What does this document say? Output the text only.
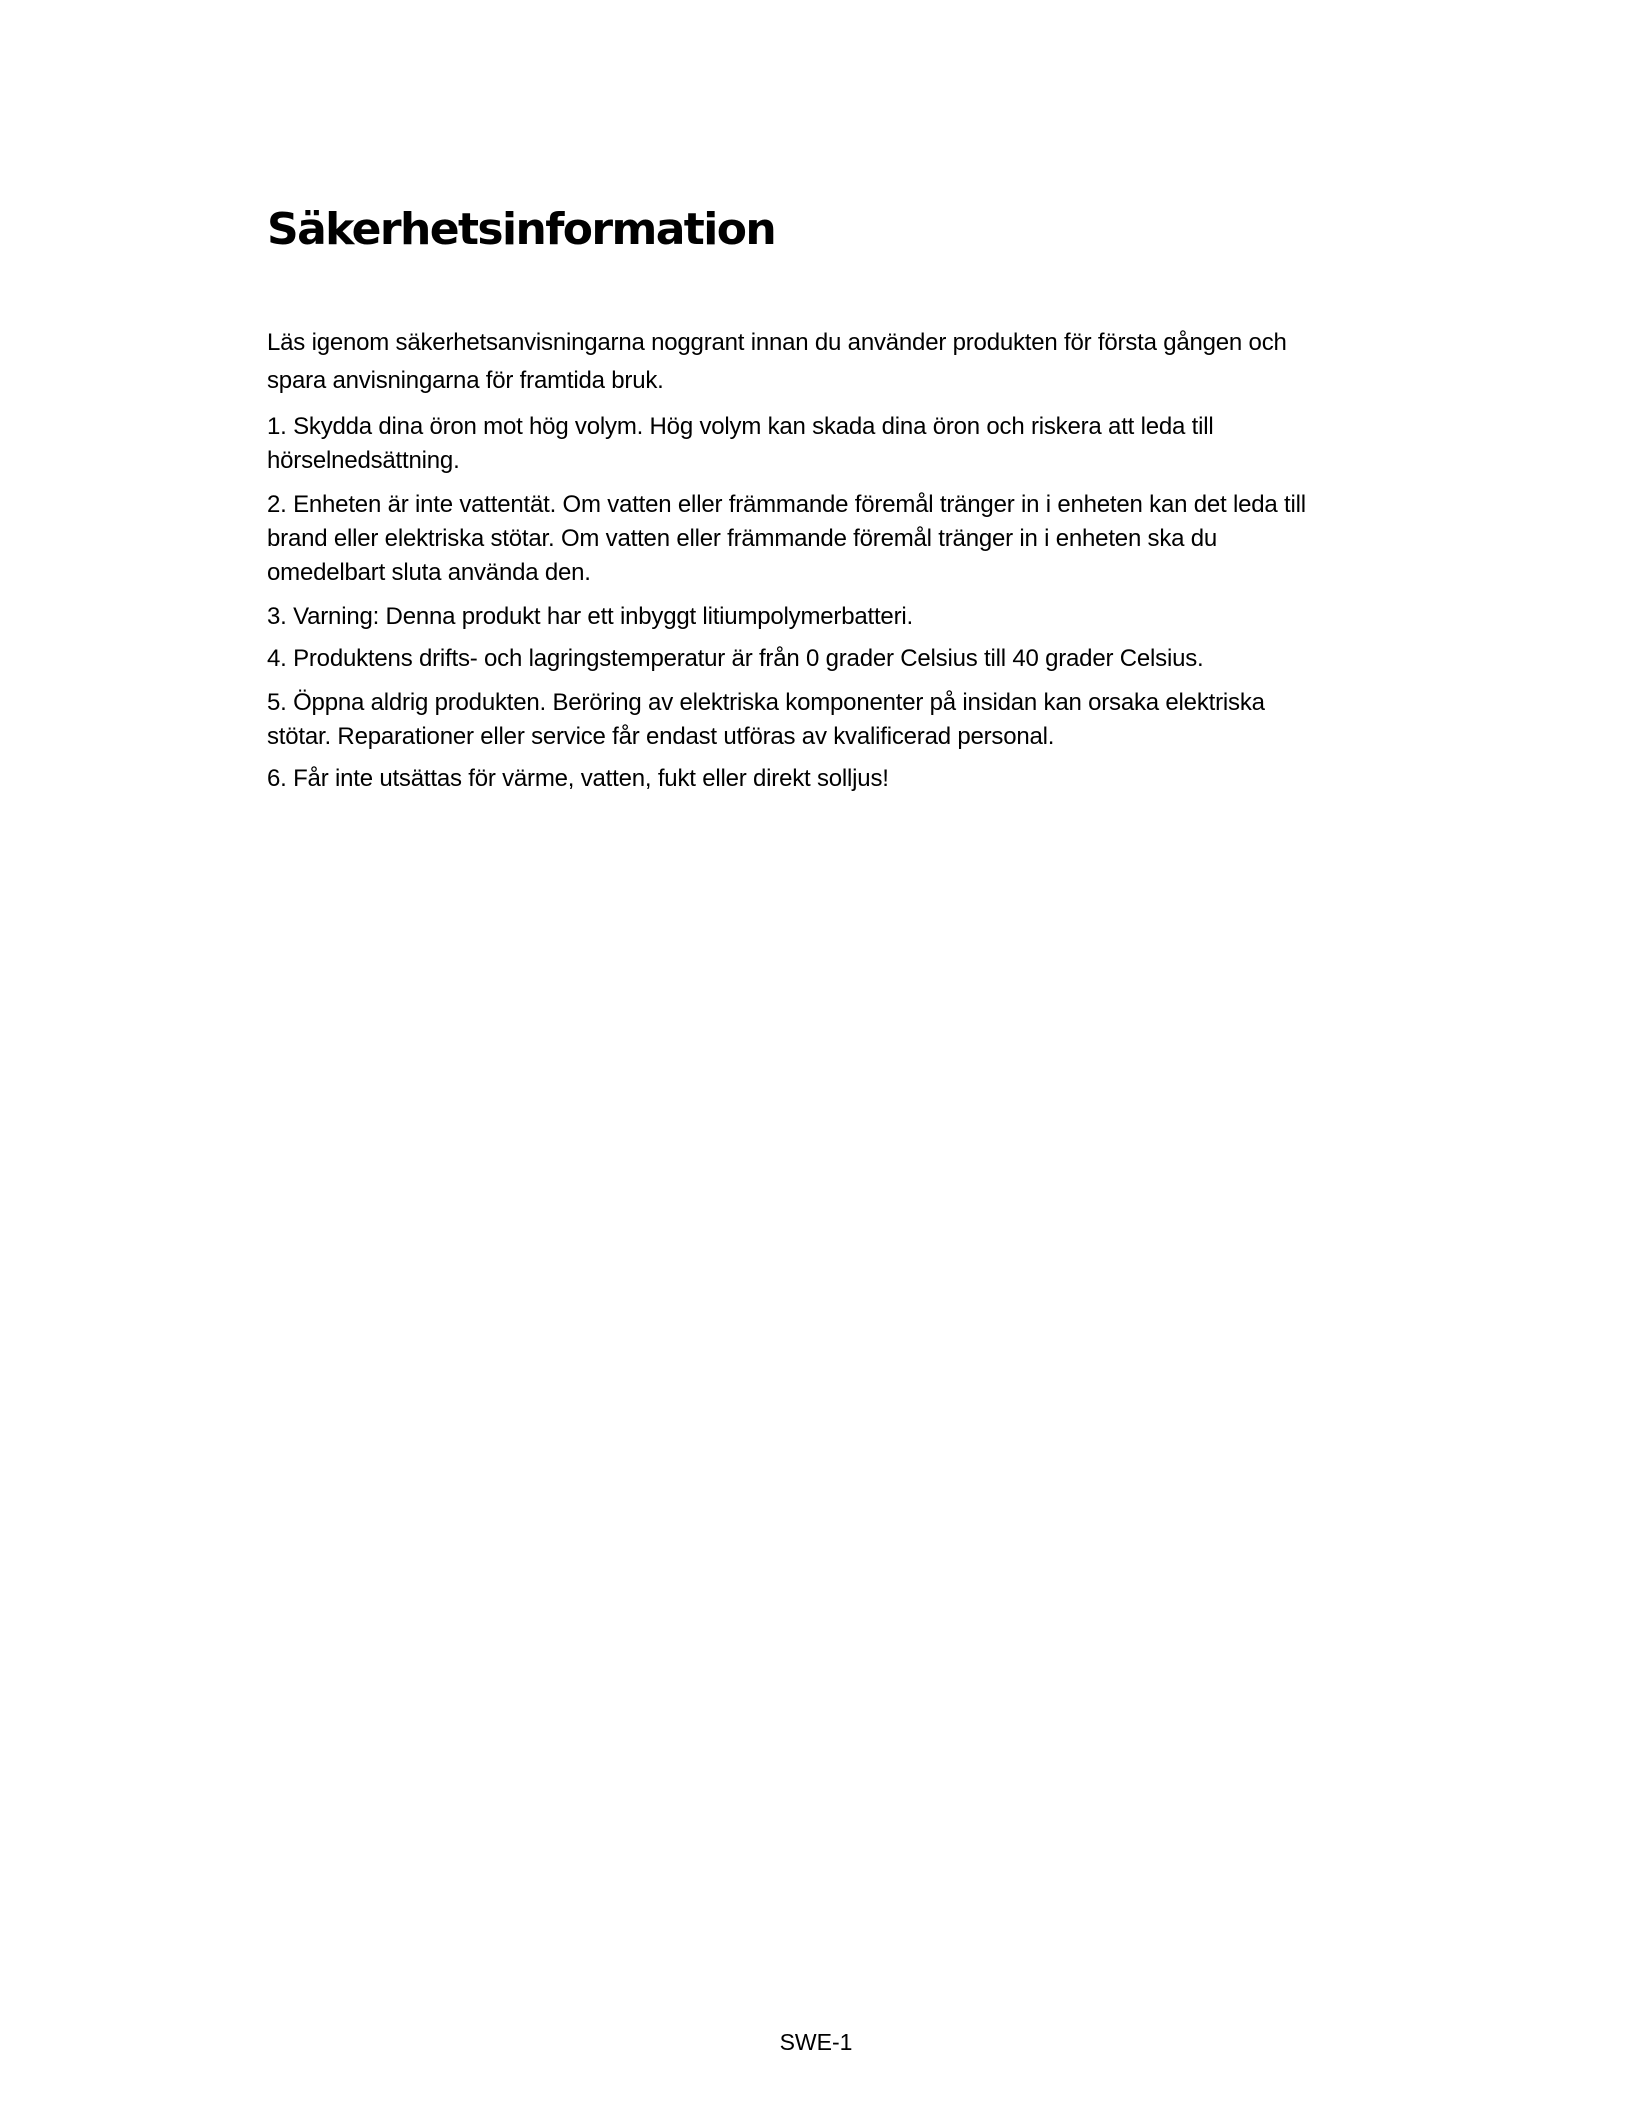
Säkerhetsinformation

Läs igenom säkerhetsanvisningarna noggrant innan du använder produkten för första gången och spara anvisningarna för framtida bruk.

1. Skydda dina öron mot hög volym. Hög volym kan skada dina öron och riskera att leda till hörselnedsättning.
2. Enheten är inte vattentät. Om vatten eller främmande föremål tränger in i enheten kan det leda till brand eller elektriska stötar. Om vatten eller främmande föremål tränger in i enheten ska du omedelbart sluta använda den.
3. Varning: Denna produkt har ett inbyggt litiumpolymerbatteri.
4. Produktens drifts- och lagringstemperatur är från 0 grader Celsius till 40 grader Celsius.
5. Öppna aldrig produkten. Beröring av elektriska komponenter på insidan kan orsaka elektriska stötar. Reparationer eller service får endast utföras av kvalificerad personal.
6. Får inte utsättas för värme, vatten, fukt eller direkt solljus!
SWE-1
